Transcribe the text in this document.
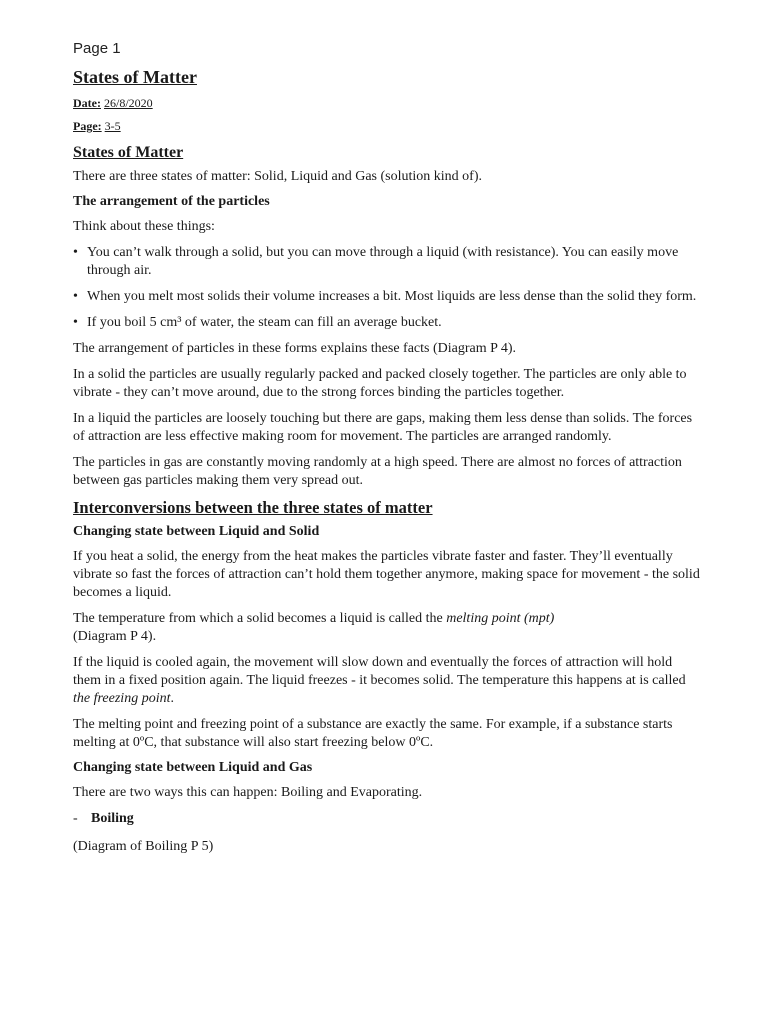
Page 1
States of Matter
Date: 26/8/2020
Page: 3-5
States of Matter

There are three states of matter: Solid, Liquid and Gas (solution kind of).

The arrangement of the particles

Think about these things:

• You can’t walk through a solid, but you can move through a liquid (with resistance). You can easily move through air.
• When you melt most solids their volume increases a bit. Most liquids are less dense than the solid they form.
• If you boil 5 cm³ of water, the steam can fill an average bucket.

The arrangement of particles in these forms explains these facts (Diagram P 4).

In a solid the particles are usually regularly packed and packed closely together. The particles are only able to vibrate - they can’t move around, due to the strong forces binding the particles together.

In a liquid the particles are loosely touching but there are gaps, making them less dense than solids. The forces of attraction are less effective making room for movement. The particles are arranged randomly.

The particles in gas are constantly moving randomly at a high speed. There are almost no forces of attraction between gas particles making them very spread out.

Interconversions between the three states of matter
Changing state between Liquid and Solid

If you heat a solid, the energy from the heat makes the particles vibrate faster and faster. They’ll eventually vibrate so fast the forces of attraction can’t hold them together anymore, making space for movement - the solid becomes a liquid.

The temperature from which a solid becomes a liquid is called the melting point (mpt)
(Diagram P 4).

If the liquid is cooled again, the movement will slow down and eventually the forces of attraction will hold them in a fixed position again. The liquid freezes - it becomes solid. The temperature this happens at is called the freezing point.

The melting point and freezing point of a substance are exactly the same. For example, if a substance starts melting at 0ºC, that substance will also start freezing below 0ºC.

Changing state between Liquid and Gas

There are two ways this can happen: Boiling and Evaporating.

- Boiling

(Diagram of Boiling P 5)
